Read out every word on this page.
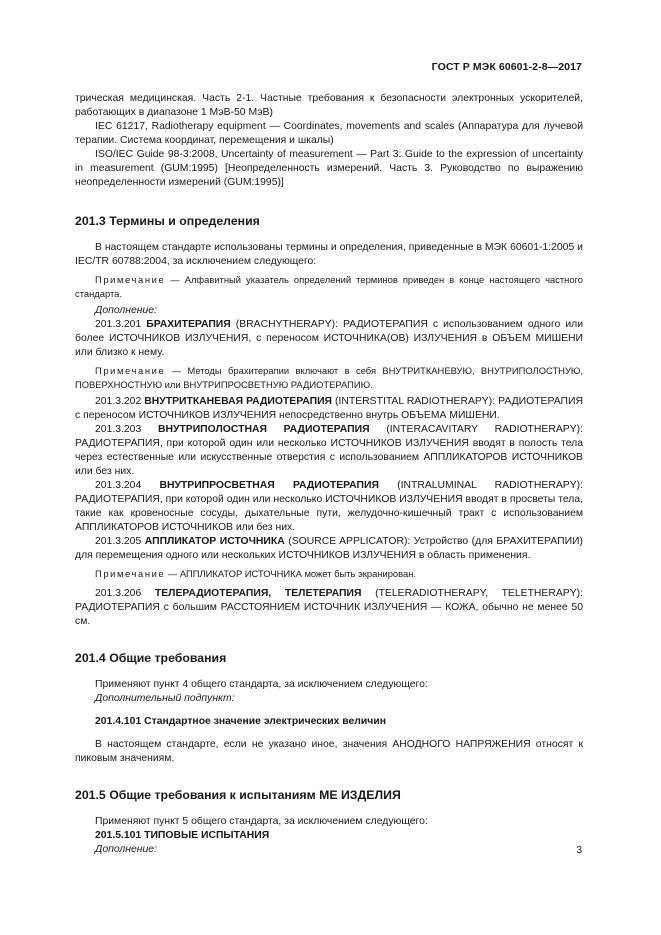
ГОСТ Р МЭК 60601-2-8—2017

трическая медицинская. Часть 2-1. Частные требования к безопасности электронных ускорителей, работающих в диапазоне 1 МэВ-50 МэВ)

IEC 61217, Radiotherapy equipment — Coordinates, movements and scales (Аппаратура для лучевой терапии. Система координат, перемещения и шкалы)

ISO/IEC Guide 98-3:2008, Uncertainty of measurement — Part 3: Guide to the expression of uncertainty in measurement (GUM:1995) [Неопределенность измерений. Часть 3. Руководство по выражению неопределенности измерений (GUM:1995)]

201.3 Термины и определения

В настоящем стандарте использованы термины и определения, приведенные в МЭК 60601-1:2005 и IEC/TR 60788:2004, за исключением следующего:

Примечание — Алфавитный указатель определений терминов приведен в конце настоящего частного стандарта.

Дополнение:

201.3.201 БРАХИТЕРАПИЯ (BRACHYTHERAPY): РАДИОТЕРАПИЯ с использованием одного или более ИСТОЧНИКОВ ИЗЛУЧЕНИЯ, с переносом ИСТОЧНИКА(ОВ) ИЗЛУЧЕНИЯ в ОБЪЕМ МИШЕНИ или близко к нему.

Примечание — Методы брахитерапии включают в себя ВНУТРИТКАНЕВУЮ, ВНУТРИПОЛОСТНУЮ, ПОВЕРХНОСТНУЮ или ВНУТРИПРОСВЕТНУЮ РАДИОТЕРАПИЮ.

201.3.202 ВНУТРИТКАНЕВАЯ РАДИОТЕРАПИЯ (INTERSTITAL RADIOTHERAPY): РАДИОТЕРАПИЯ с переносом ИСТОЧНИКОВ ИЗЛУЧЕНИЯ непосредственно внутрь ОБЪЕМА МИШЕНИ.

201.3.203 ВНУТРИПОЛОСТНАЯ РАДИОТЕРАПИЯ (INTERACAVITARY RADIOTHERAPY): РАДИОТЕРАПИЯ, при которой один или несколько ИСТОЧНИКОВ ИЗЛУЧЕНИЯ вводят в полость тела через естественные или искусственные отверстия с использованием АППЛИКАТОРОВ ИСТОЧНИКОВ или без них.

201.3.204 ВНУТРИПРОСВЕТНАЯ РАДИОТЕРАПИЯ (INTRALUMINAL RADIOTHERAPY): РАДИОТЕРАПИЯ, при которой один или несколько ИСТОЧНИКОВ ИЗЛУЧЕНИЯ вводят в просветы тела, такие как кровеносные сосуды, дыхательные пути, желудочно-кишечный тракт с использованием АППЛИКАТОРОВ ИСТОЧНИКОВ или без них.

201.3.205 АППЛИКАТОР ИСТОЧНИКА (SOURCE APPLICATOR): Устройство (для БРАХИТЕРАПИИ) для перемещения одного или нескольких ИСТОЧНИКОВ ИЗЛУЧЕНИЯ в область применения.

Примечание — АППЛИКАТОР ИСТОЧНИКА может быть экранирован.

201.3.206 ТЕЛЕРАДИОТЕРАПИЯ, ТЕЛЕТЕРАПИЯ (TELERADIOTHERAPY, TELETHERAPY): РАДИОТЕРАПИЯ с большим РАССТОЯНИЕМ ИСТОЧНИК ИЗЛУЧЕНИЯ — КОЖА, обычно не менее 50 см.

201.4 Общие требования

Применяют пункт 4 общего стандарта, за исключением следующего:

Дополнительный подпункт:

201.4.101 Стандартное значение электрических величин

В настоящем стандарте, если не указано иное, значения АНОДНОГО НАПРЯЖЕНИЯ относят к пиковым значениям.

201.5 Общие требования к испытаниям МЕ ИЗДЕЛИЯ

Применяют пункт 5 общего стандарта, за исключением следующего:

201.5.101 ТИПОВЫЕ ИСПЫТАНИЯ

Дополнение:	3
